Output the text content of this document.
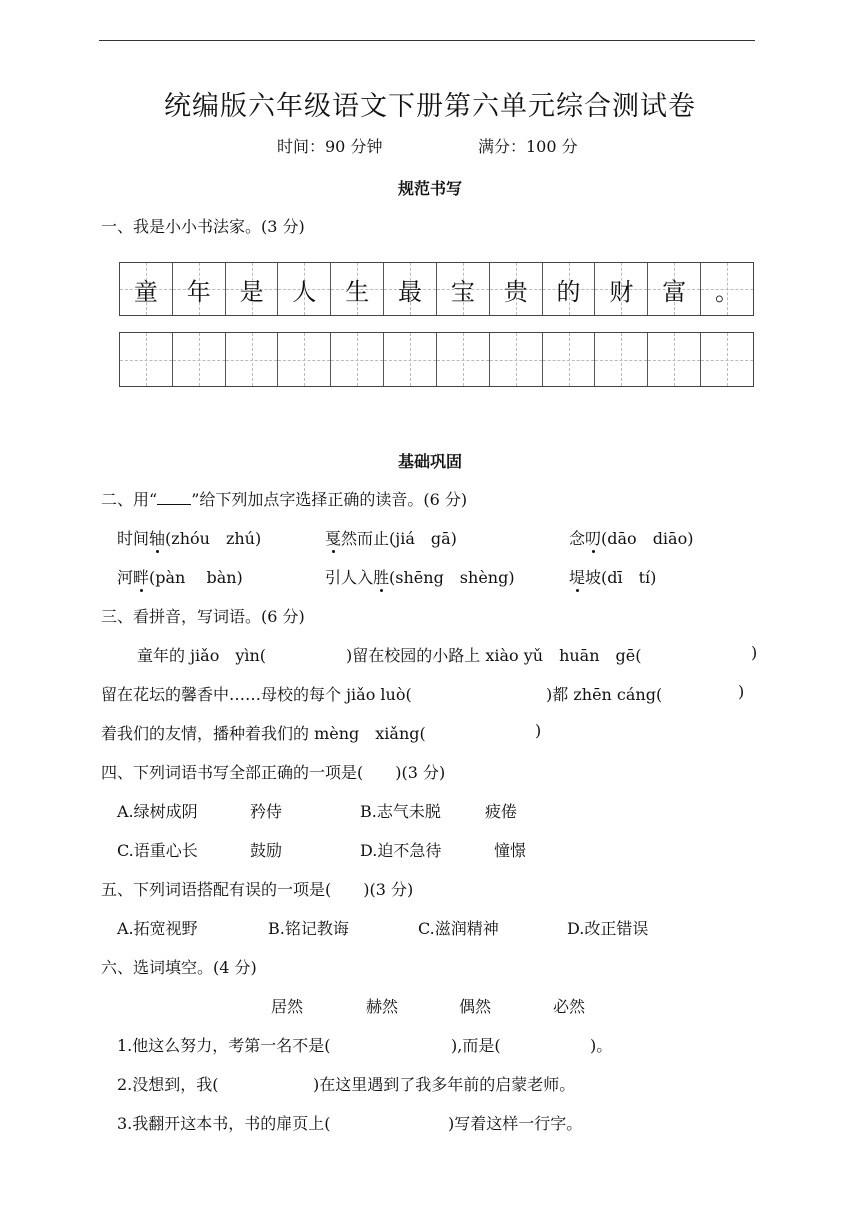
统编版六年级语文下册第六单元综合测试卷
时间：90 分钟	满分：100 分
规范书写
一、我是小小书法家。(3 分)
童 年 是 人 生 最 宝 贵 的 财 富 。
基础巩固
二、用“ ”给下列加点字选择正确的读音。(6 分)
时间轴(zhóu　zhú)	戛然而止(jiá　gā)	念叨(dāo　diāo)
河畔(pàn　 bàn)	引人入胜(shēng　shèng)	堤坡(dī　tí)
三、看拼音，写词语。(6 分)
童年的 jiǎo　yìn(	)留在校园的小路上 xiào yǔ　huān　gē(	)
留在花坛的馨香中……母校的每个 jiǎo luò(	)都 zhēn cáng(	)
着我们的友情，播种着我们的 mèng　xiǎng(	)
四、下列词语书写全部正确的一项是(　　)(3 分)
A.绿树成阴	矜侍	B.志气未脱	疲倦
C.语重心长	鼓励	D.迫不急待	憧憬
五、下列词语搭配有误的一项是(　　)(3 分)
A.拓宽视野	B.铭记教诲	C.滋润精神	D.改正错误
六、选词填空。(4 分)
居然	赫然	偶然	必然
1.他这么努力，考第一名不是(	),而是(	)。
2.没想到，我(	)在这里遇到了我多年前的启蒙老师。
3.我翻开这本书，书的扉页上(	)写着这样一行字。
